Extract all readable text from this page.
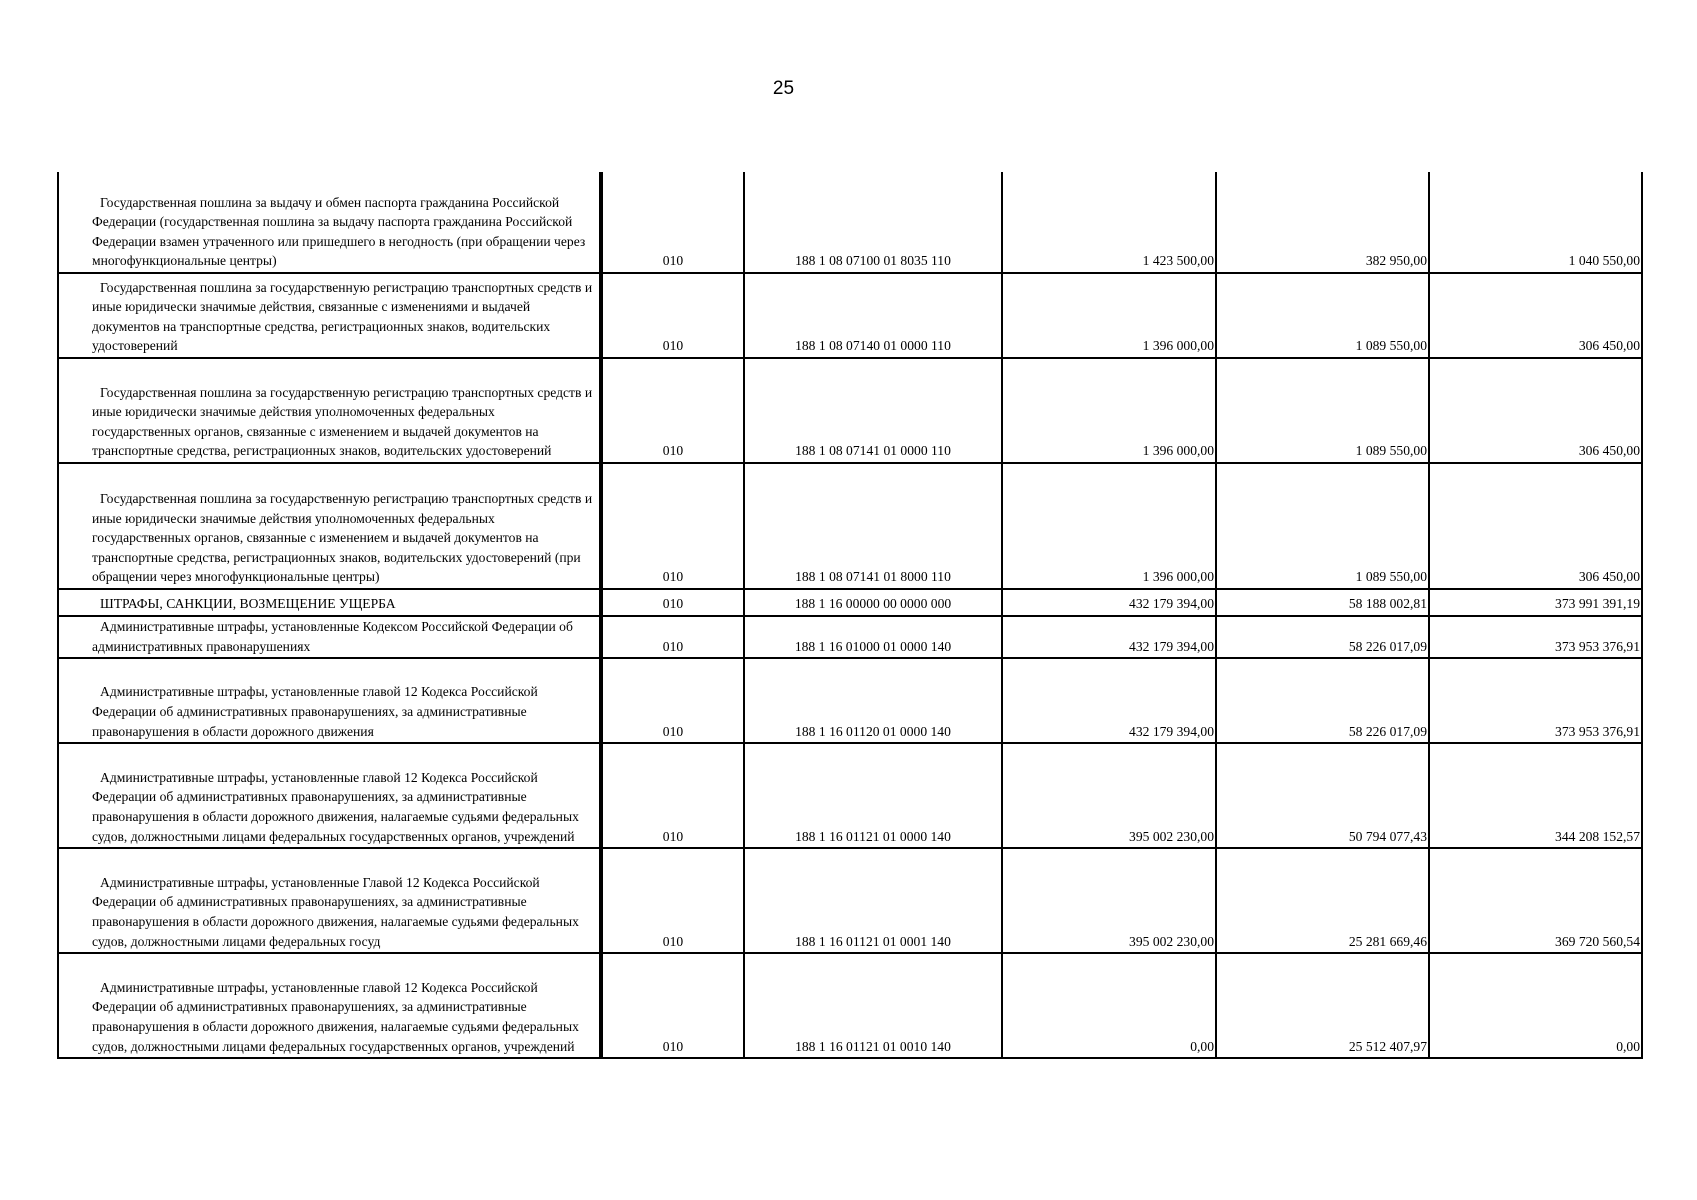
25
Государственная пошлина за выдачу и обмен паспорта гражданина Российской Федерации (государственная пошлина за выдачу паспорта гражданина Российской Федерации взамен утраченного или пришедшего в негодность (при обращении через многофункциональные центры)	010	188 1 08 07100 01 8035 110	1 423 500,00	382 950,00	1 040 550,00
Государственная пошлина за государственную регистрацию транспортных средств и иные юридически значимые действия, связанные с изменениями и выдачей документов на транспортные средства, регистрационных знаков, водительских удостоверений	010	188 1 08 07140 01 0000 110	1 396 000,00	1 089 550,00	306 450,00
Государственная пошлина за государственную регистрацию транспортных средств и иные юридически значимые действия уполномоченных федеральных государственных органов, связанные с изменением и выдачей документов на транспортные средства, регистрационных знаков, водительских удостоверений	010	188 1 08 07141 01 0000 110	1 396 000,00	1 089 550,00	306 450,00
Государственная пошлина за государственную регистрацию транспортных средств и иные юридически значимые действия уполномоченных федеральных государственных органов, связанные с изменением и выдачей документов на транспортные средства, регистрационных знаков, водительских удостоверений (при обращении через многофункциональные центры)	010	188 1 08 07141 01 8000 110	1 396 000,00	1 089 550,00	306 450,00
ШТРАФЫ, САНКЦИИ, ВОЗМЕЩЕНИЕ УЩЕРБА	010	188 1 16 00000 00 0000 000	432 179 394,00	58 188 002,81	373 991 391,19
Административные штрафы, установленные Кодексом Российской Федерации об административных правонарушениях	010	188 1 16 01000 01 0000 140	432 179 394,00	58 226 017,09	373 953 376,91
Административные штрафы, установленные главой 12 Кодекса Российской Федерации об административных правонарушениях, за административные правонарушения в области дорожного движения	010	188 1 16 01120 01 0000 140	432 179 394,00	58 226 017,09	373 953 376,91
Административные штрафы, установленные главой 12 Кодекса Российской Федерации об административных правонарушениях, за административные правонарушения в области дорожного движения, налагаемые судьями федеральных судов, должностными лицами федеральных государственных органов, учреждений	010	188 1 16 01121 01 0000 140	395 002 230,00	50 794 077,43	344 208 152,57
Административные штрафы, установленные Главой 12 Кодекса Российской Федерации об административных правонарушениях, за административные правонарушения в области дорожного движения, налагаемые судьями федеральных судов, должностными лицами федеральных госуд	010	188 1 16 01121 01 0001 140	395 002 230,00	25 281 669,46	369 720 560,54
Административные штрафы, установленные главой 12 Кодекса Российской Федерации об административных правонарушениях, за административные правонарушения в области дорожного движения, налагаемые судьями федеральных судов, должностными лицами федеральных государственных органов, учреждений	010	188 1 16 01121 01 0010 140	0,00	25 512 407,97	0,00
